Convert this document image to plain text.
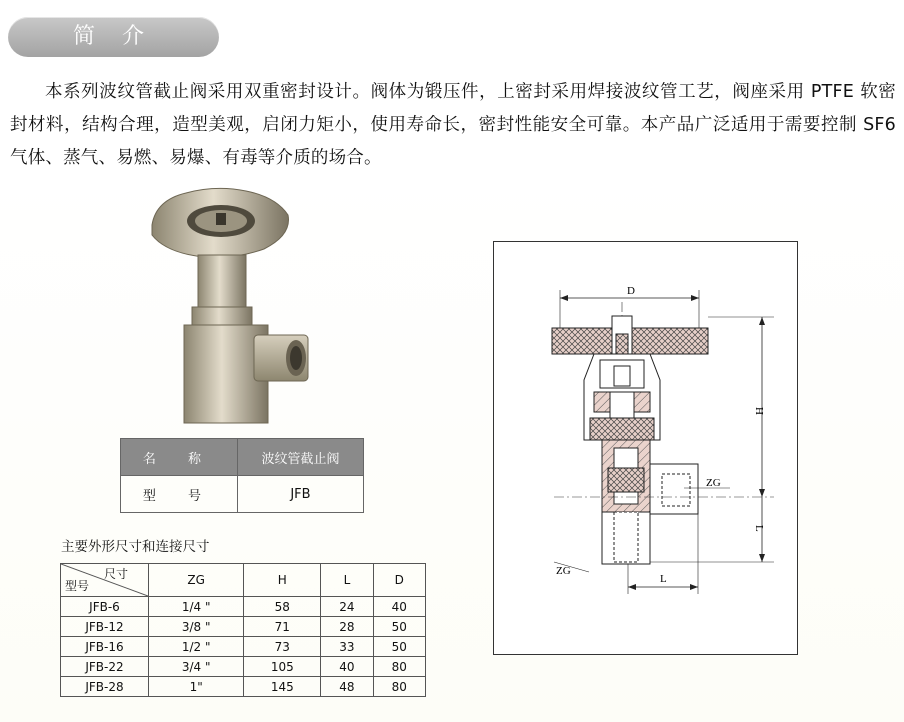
简 介
本系列波纹管截止阀采用双重密封设计。阀体为锻压件，上密封采用焊接波纹管工艺，阀座采用 PTFE 软密封材料，结构合理，造型美观，启闭力矩小，使用寿命长，密封性能安全可靠。本产品广泛适用于需要控制 SF6 气体、蒸气、易燃、易爆、有毒等介质的场合。
名 称	波纹管截止阀
型 号	JFB
主要外形尺寸和连接尺寸
尺寸
型号	ZG	H	L	D
JFB-6	1/4 "	58	24	40
JFB-12	3/8 "	71	28	50
JFB-16	1/2 "	73	33	50
JFB-22	3/4 "	105	40	80
JFB-28	1"	145	48	80
D
H
L
ZG
ZG
L
